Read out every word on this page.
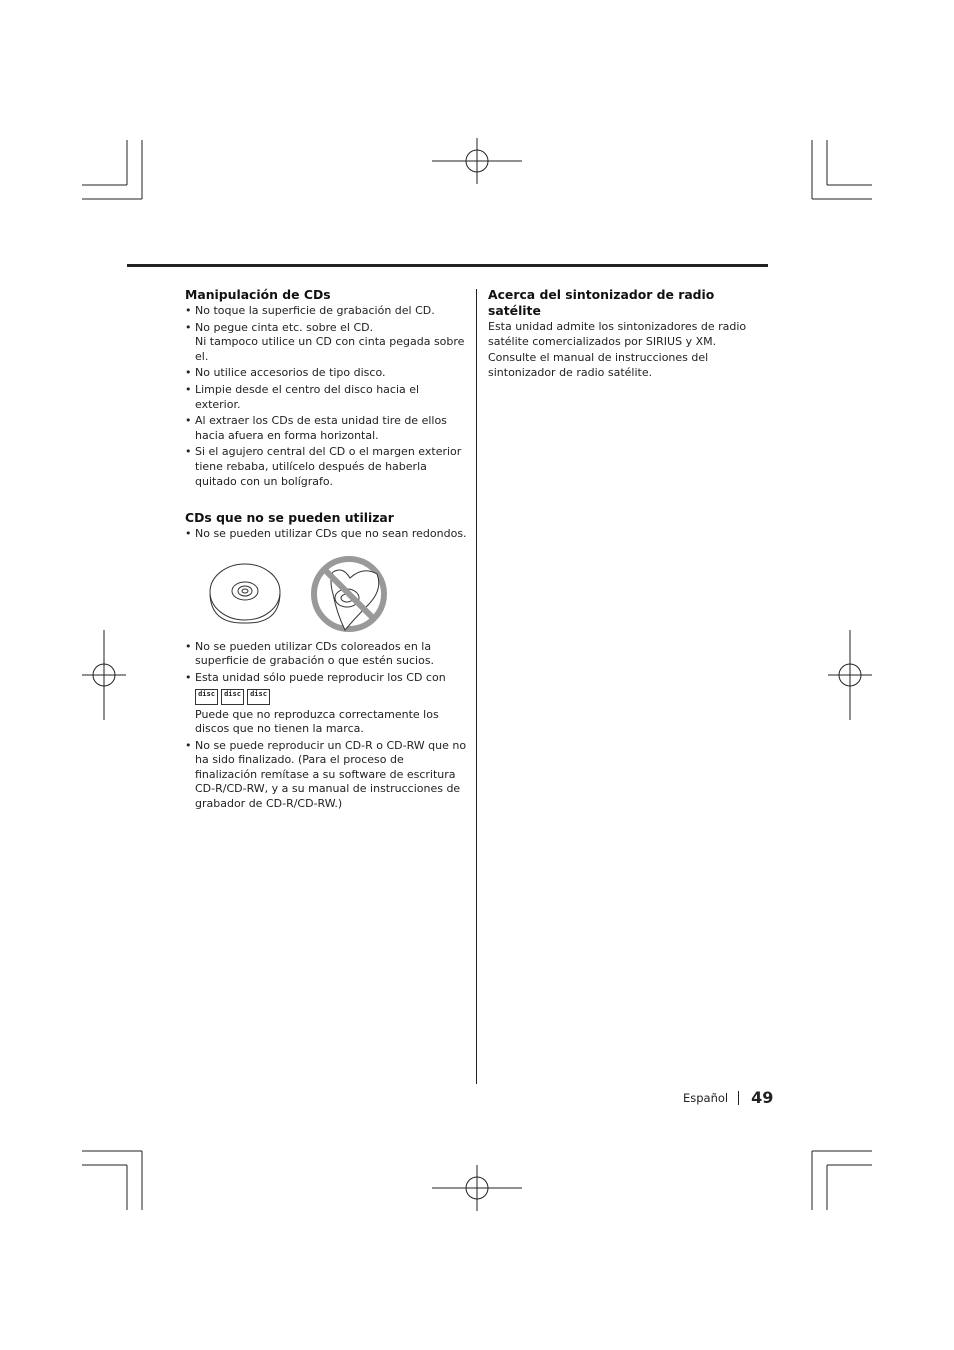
Manipulación de CDs
• No toque la superficie de grabación del CD.
• No pegue cinta etc. sobre el CD.
Ni tampoco utilice un CD con cinta pegada sobre el.
• No utilice accesorios de tipo disco.
• Limpie desde el centro del disco hacia el exterior.
• Al extraer los CDs de esta unidad tire de ellos hacia afuera en forma horizontal.
• Si el agujero central del CD o el margen exterior tiene rebaba, utilícelo después de haberla quitado con un bolígrafo.
CDs que no se pueden utilizar
• No se pueden utilizar CDs que no sean redondos.
• No se pueden utilizar CDs coloreados en la superficie de grabación o que estén sucios.
• Esta unidad sólo puede reproducir los CD con
disc	disc	disc
Puede que no reproduzca correctamente los discos que no tienen la marca.
• No se puede reproducir un CD-R o CD-RW que no ha sido finalizado. (Para el proceso de finalización remítase a su software de escritura CD-R/CD-RW, y a su manual de instrucciones de grabador de CD-R/CD-RW.)
Acerca del sintonizador de radio satélite

Esta unidad admite los sintonizadores de radio satélite comercializados por SIRIUS y XM.

Consulte el manual de instrucciones del sintonizador de radio satélite.

Español 49
